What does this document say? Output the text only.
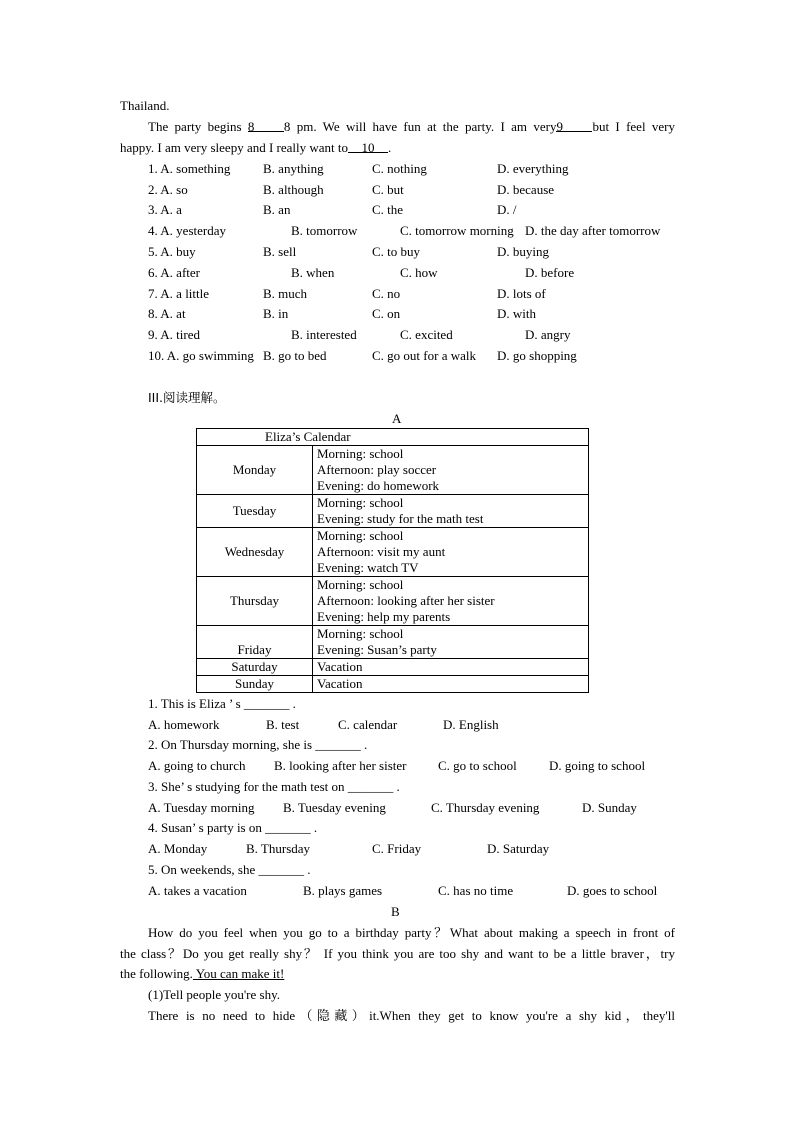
Thailand.
The party begins 8 8 pm. We will have fun at the party. I am very9 but I feel very
happy. I am very sleepy and I really want to 10 .
1. A. something	B. anything	C. nothing	D. everything
2. A. so	B. although	C. but	D. because
3. A. a	B. an	C. the	D. /
4. A. yesterday	B. tomorrow	C. tomorrow morning D. the day after tomorrow
5. A. buy	B. sell	C. to buy	D. buying
6. A. after	B. when	C. how	D. before
7. A. a little	B. much	C. no	D. lots of
8. A. at	B. in	C. on	D. with
9. A. tired	B. interested	C. excited	D. angry
10. A. go swimming B. go to bed	C. go out for a walk D. go shopping
III.阅读理解。
A
Eliza’s Calendar	
Monday	Morning: school
Afternoon: play soccer
Evening: do homework

Tuesday	Morning: school
Evening: study for the math test

Wednesday	Morning: school
Afternoon: visit my aunt
Evening: watch TV

Thursday	Morning: school
Afternoon: looking after her sister
Evening: help my parents

Friday	Morning: school
Evening: Susan’s party

Saturday	Vacation
Sunday	Vacation
1. This is Eliza ’ s _______ .
A. homework	B. test	C. calendar	D. English
2. On Thursday morning, she is _______ .
A. going to church B. looking after her sister C. go to school D. going to school
3. She’ s studying for the math test on _______ .
A. Tuesday morning B. Tuesday evening	C. Thursday evening	D. Sunday
4. Susan’ s party is on _______ .
A. Monday	B. Thursday	C. Friday	D. Saturday
5. On weekends, she _______ .
A. takes a vacation	B. plays games	C. has no time	D. goes to school
B
How do you feel when you go to a birthday party？What about making a speech in front of
the class？Do you get really shy？ If you think you are too shy and want to be a little braver，try
the following. You can make it!
(1)Tell people you're shy.
There is no need to hide（隐藏）it.When they get to know you're a shy kid，they'll
